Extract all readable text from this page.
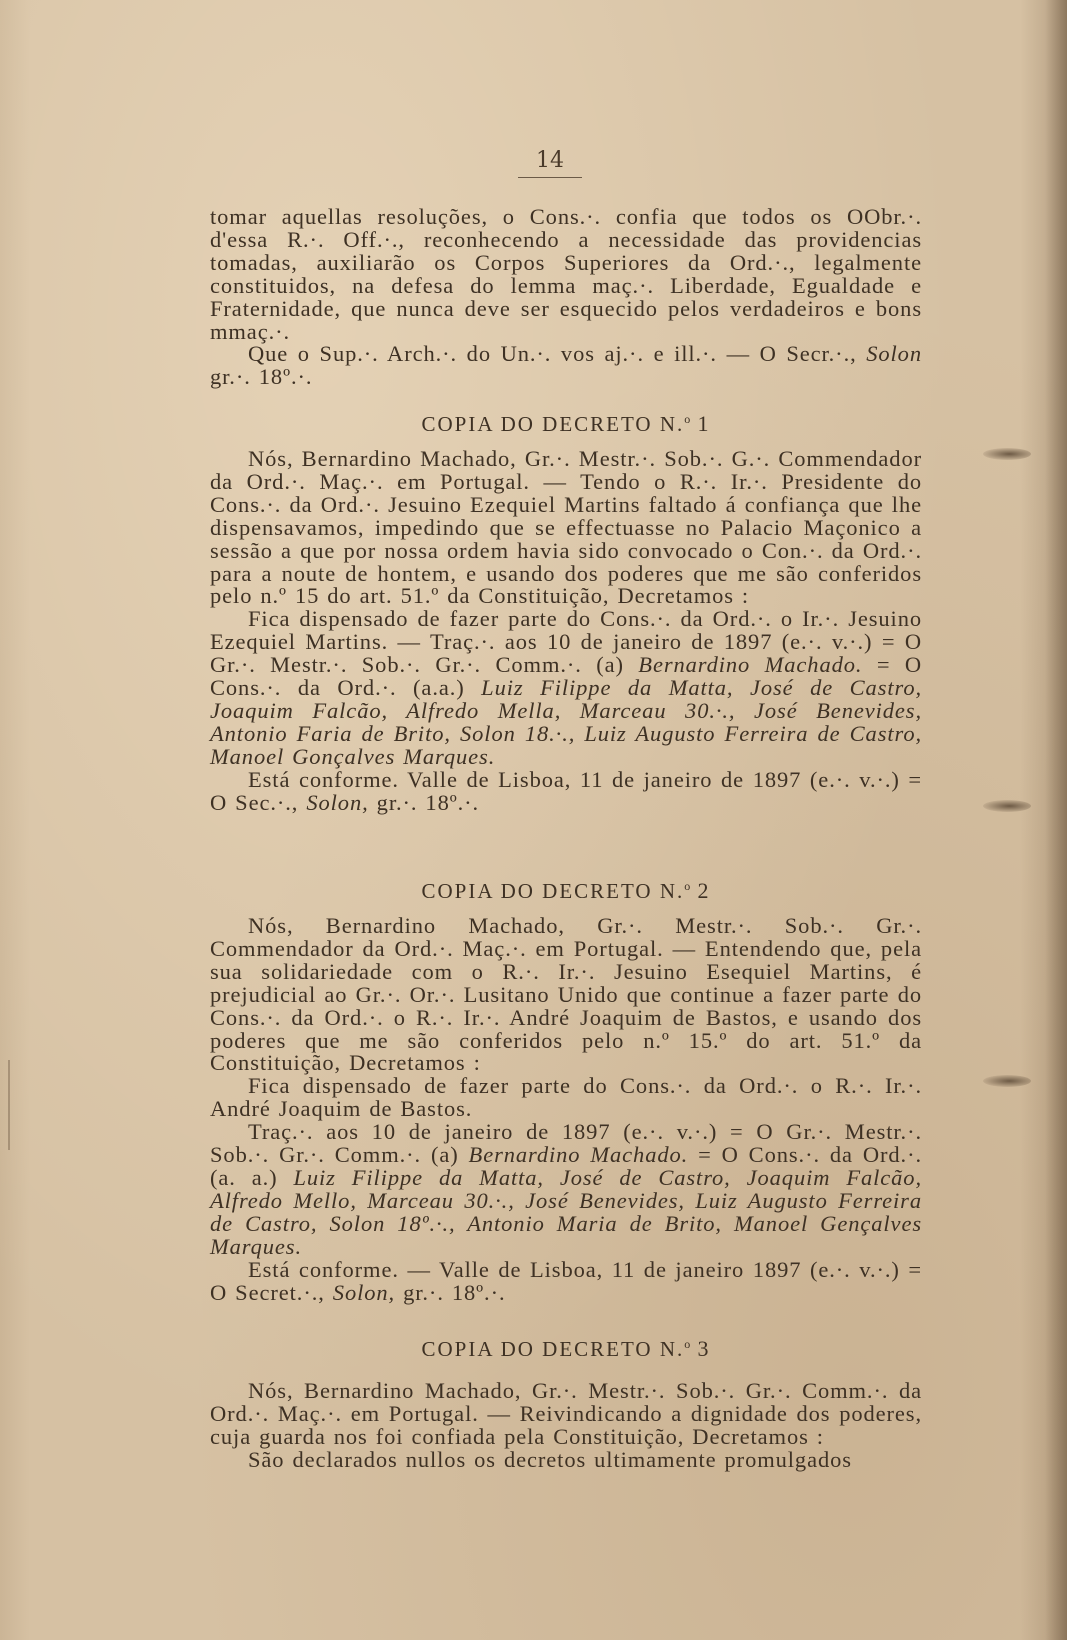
14

tomar aquellas resoluções, o Cons.·. confia que todos os OObr.·. d'essa R.·. Off.·., reconhecendo a necessidade das providencias tomadas, auxiliarão os Corpos Superiores da Ord.·., legalmente constituidos, na defesa do lemma maç.·. Liberdade, Egualdade e Fraternidade, que nunca deve ser esquecido pelos verdadeiros e bons mmaç.·.

Que o Sup.·. Arch.·. do Un.·. vos aj.·. e ill.·. — O Secr.·., Solon gr.·. 18º.·.

COPIA DO DECRETO N.$^o$ 1

Nós, Bernardino Machado, Gr.·. Mestr.·. Sob.·. G.·. Commendador da Ord.·. Maç.·. em Portugal. — Tendo o R.·. Ir.·. Presidente do Cons.·. da Ord.·. Jesuino Ezequiel Martins faltado á confiança que lhe dispensavamos, impedindo que se effectuasse no Palacio Maçonico a sessão a que por nossa ordem havia sido convocado o Con.·. da Ord.·. para a noute de hontem, e usando dos poderes que me são conferidos pelo n.º 15 do art. 51.º da Constituição, Decretamos :

Fica dispensado de fazer parte do Cons.·. da Ord.·. o Ir.·. Jesuino Ezequiel Martins. — Traç.·. aos 10 de janeiro de 1897 (e.·. v.·.) = O Gr.·. Mestr.·. Sob.·. Gr.·. Comm.·. (a) Bernardino Machado. = O Cons.·. da Ord.·. (a.a.) Luiz Filippe da Matta, José de Castro, Joaquim Falcão, Alfredo Mella, Marceau 30.·., José Benevides, Antonio Faria de Brito, Solon 18.·., Luiz Augusto Ferreira de Castro, Manoel Gonçalves Marques.

Está conforme. Valle de Lisboa, 11 de janeiro de 1897 (e.·. v.·.) = O Sec.·., Solon, gr.·. 18º.·.

COPIA DO DECRETO N.$^o$ 2

Nós, Bernardino Machado, Gr.·. Mestr.·. Sob.·. Gr.·. Commendador da Ord.·. Maç.·. em Portugal. — Entendendo que, pela sua solidariedade com o R.·. Ir.·. Jesuino Esequiel Martins, é prejudicial ao Gr.·. Or.·. Lusitano Unido que continue a fazer parte do Cons.·. da Ord.·. o R.·. Ir.·. André Joaquim de Bastos, e usando dos poderes que me são conferidos pelo n.º 15.º do art. 51.º da Constituição, Decretamos :

Fica dispensado de fazer parte do Cons.·. da Ord.·. o R.·. Ir.·. André Joaquim de Bastos.

Traç.·. aos 10 de janeiro de 1897 (e.·. v.·.) = O Gr.·. Mestr.·. Sob.·. Gr.·. Comm.·. (a) Bernardino Machado. = O Cons.·. da Ord.·. (a. a.) Luiz Filippe da Matta, José de Castro, Joaquim Falcão, Alfredo Mello, Marceau 30.·., José Benevides, Luiz Augusto Ferreira de Castro, Solon 18º.·., Antonio Maria de Brito, Manoel Gençalves Marques.

Está conforme. — Valle de Lisboa, 11 de janeiro 1897 (e.·. v.·.) = O Secret.·., Solon, gr.·. 18º.·.

COPIA DO DECRETO N.$^o$ 3

Nós, Bernardino Machado, Gr.·. Mestr.·. Sob.·. Gr.·. Comm.·. da Ord.·. Maç.·. em Portugal. — Reivindicando a dignidade dos poderes, cuja guarda nos foi confiada pela Constituição, Decretamos :

São declarados nullos os decretos ultimamente promulgados
